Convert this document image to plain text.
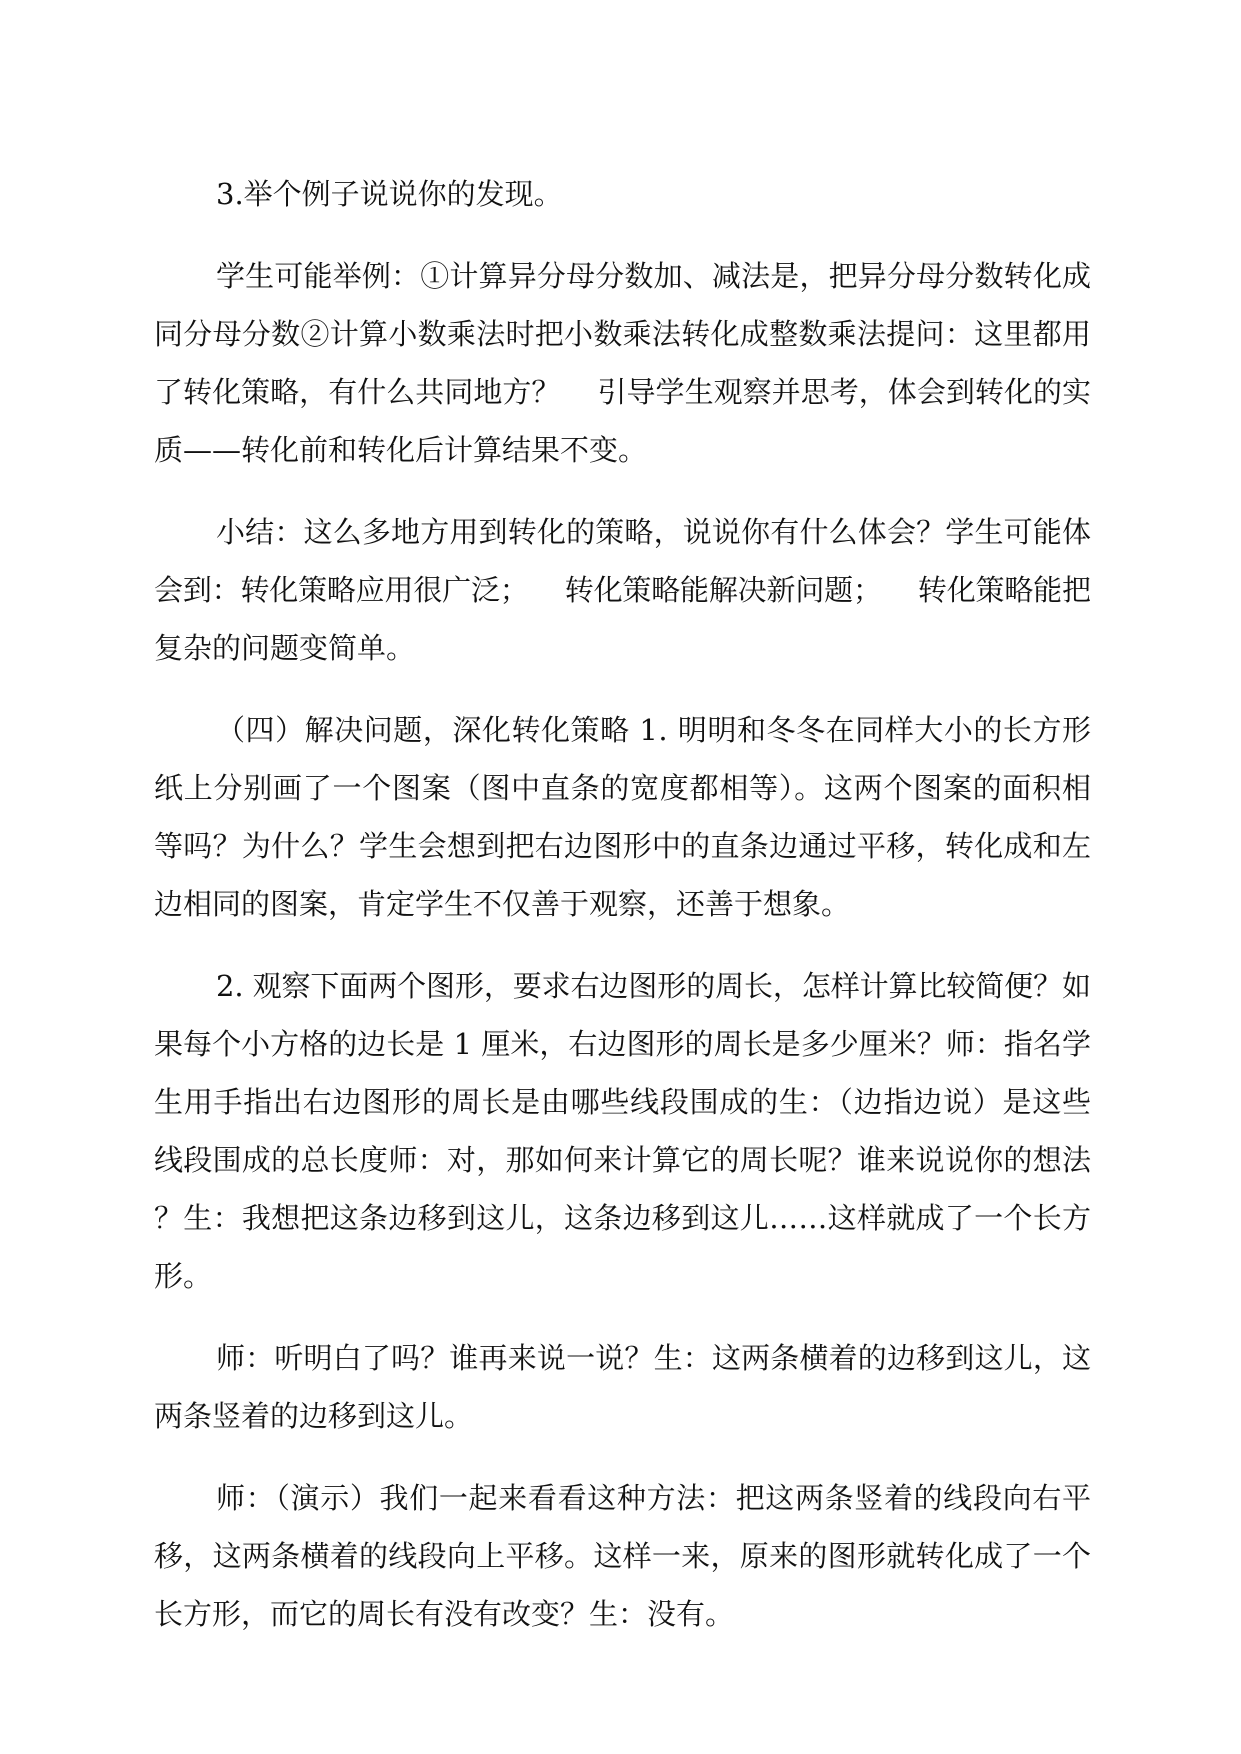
3.举个例子说说你的发现。
学生可能举例：①计算异分母分数加、减法是，把异分母分数转化成
同分母分数②计算小数乘法时把小数乘法转化成整数乘法提问：这里都用
了转化策略，有什么共同地方？    引导学生观察并思考，体会到转化的实
质——转化前和转化后计算结果不变。
小结：这么多地方用到转化的策略，说说你有什么体会？学生可能体
会到：转化策略应用很广泛；    转化策略能解决新问题；    转化策略能把
复杂的问题变简单。
（四）解决问题，深化转化策略 1. 明明和冬冬在同样大小的长方形
纸上分别画了一个图案（图中直条的宽度都相等）。这两个图案的面积相
等吗？为什么？学生会想到把右边图形中的直条边通过平移，转化成和左
边相同的图案，肯定学生不仅善于观察，还善于想象。
2. 观察下面两个图形，要求右边图形的周长，怎样计算比较简便？如
果每个小方格的边长是 1 厘米，右边图形的周长是多少厘米？师：指名学
生用手指出右边图形的周长是由哪些线段围成的生：（边指边说）是这些
线段围成的总长度师：对，那如何来计算它的周长呢？谁来说说你的想法
？生：我想把这条边移到这儿，这条边移到这儿……这样就成了一个长方
形。
师：听明白了吗？谁再来说一说？生：这两条横着的边移到这儿，这
两条竖着的边移到这儿。
师：（演示）我们一起来看看这种方法：把这两条竖着的线段向右平
移，这两条横着的线段向上平移。这样一来，原来的图形就转化成了一个
长方形，而它的周长有没有改变？生：没有。
